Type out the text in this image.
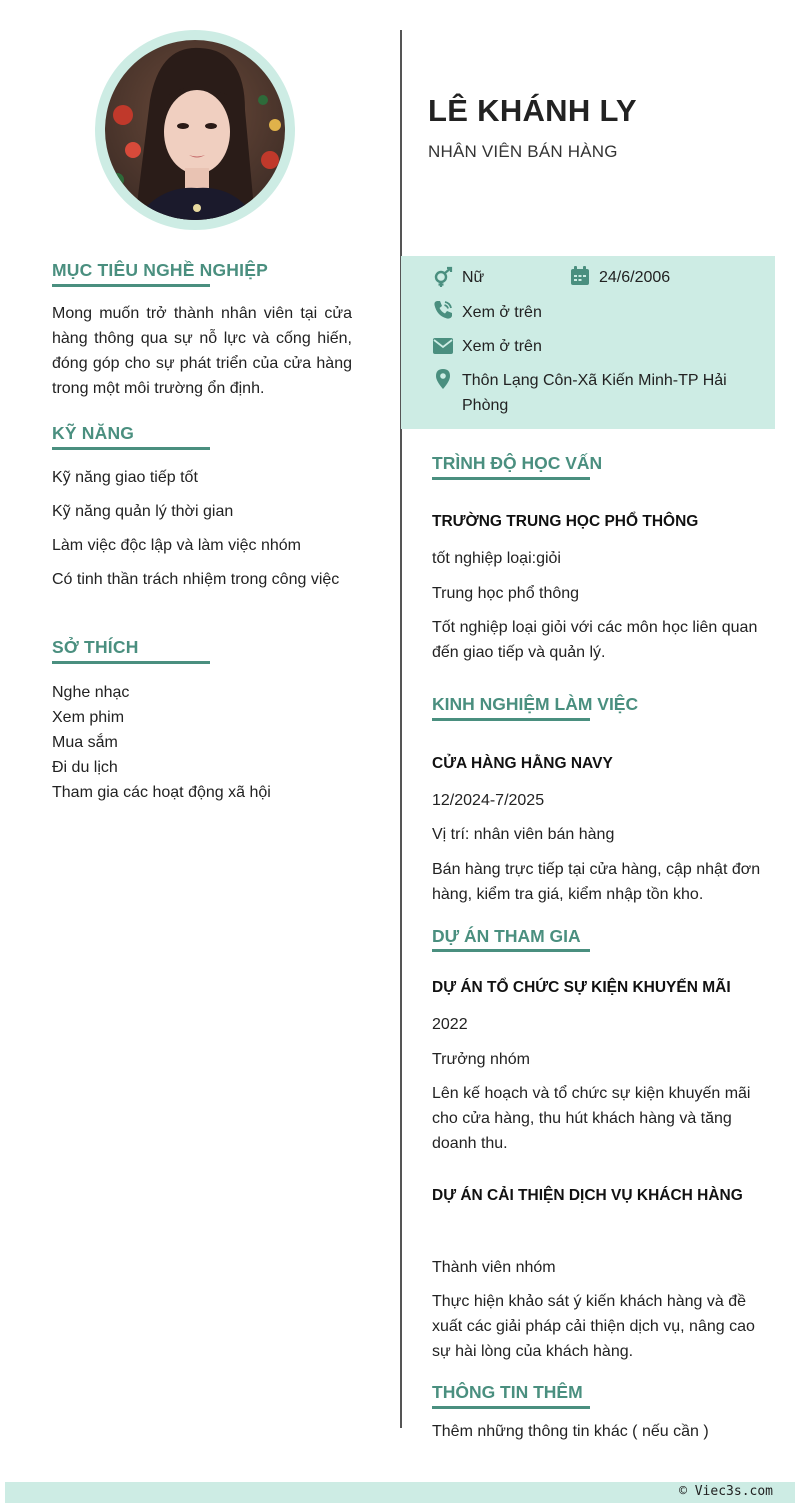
MỤC TIÊU NGHỀ NGHIỆP
Mong muốn trở thành nhân viên tại cửa hàng thông qua sự nỗ lực và cống hiến, đóng góp cho sự phát triển của cửa hàng trong một môi trường ổn định.
KỸ NĂNG
Kỹ năng giao tiếp tốt
Kỹ năng quản lý thời gian
Làm việc độc lập và làm việc nhóm
Có tinh thần trách nhiệm trong công việc
SỞ THÍCH
Nghe nhạc
Xem phim
Mua sắm
Đi du lịch
Tham gia các hoạt động xã hội
LÊ KHÁNH LY
NHÂN VIÊN BÁN HÀNG
Nữ	24/6/2006
Xem ở trên
Xem ở trên
Thôn Lạng Côn-Xã Kiến Minh-TP Hải Phòng
TRÌNH ĐỘ HỌC VẤN
TRƯỜNG TRUNG HỌC PHỔ THÔNG
tốt nghiệp loại:giỏi
Trung học phổ thông
Tốt nghiệp loại giỏi với các môn học liên quan đến giao tiếp và quản lý.
KINH NGHIỆM LÀM VIỆC
CỬA HÀNG HẰNG NAVY
12/2024-7/2025
Vị trí: nhân viên bán hàng
Bán hàng trực tiếp tại cửa hàng, cập nhật đơn hàng, kiểm tra giá, kiểm nhập tồn kho.
DỰ ÁN THAM GIA
DỰ ÁN TỔ CHỨC SỰ KIỆN KHUYẾN MÃI
2022
Trưởng nhóm
Lên kế hoạch và tổ chức sự kiện khuyến mãi cho cửa hàng, thu hút khách hàng và tăng doanh thu.
DỰ ÁN CẢI THIỆN DỊCH VỤ KHÁCH HÀNG
Thành viên nhóm
Thực hiện khảo sát ý kiến khách hàng và đề xuất các giải pháp cải thiện dịch vụ, nâng cao sự hài lòng của khách hàng.
THÔNG TIN THÊM
Thêm những thông tin khác ( nếu cần )
© Viec3s.com
